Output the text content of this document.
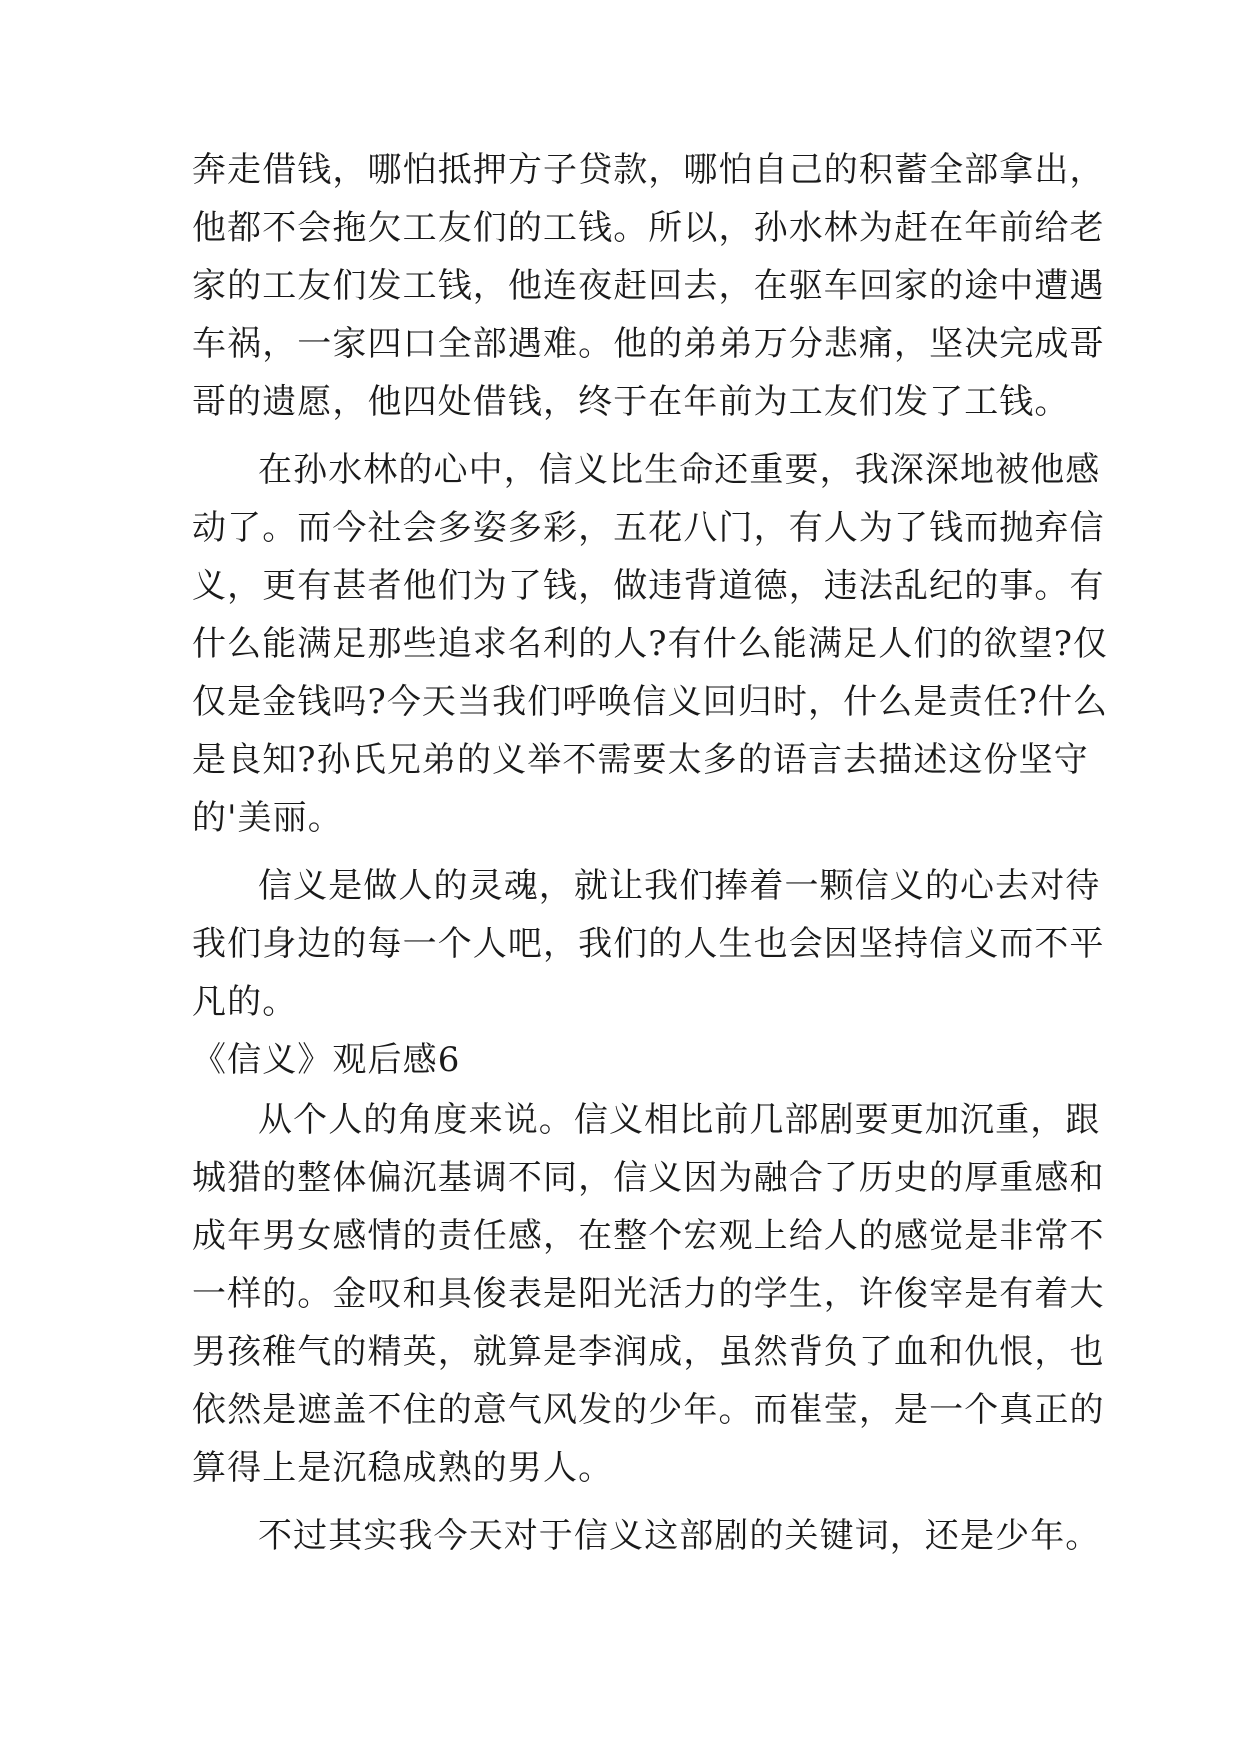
奔走借钱，哪怕抵押方子贷款，哪怕自己的积蓄全部拿出，
他都不会拖欠工友们的工钱。所以，孙水林为赶在年前给老
家的工友们发工钱，他连夜赶回去，在驱车回家的途中遭遇
车祸，一家四口全部遇难。他的弟弟万分悲痛，坚决完成哥
哥的遗愿，他四处借钱，终于在年前为工友们发了工钱。
在孙水林的心中，信义比生命还重要，我深深地被他感
动了。而今社会多姿多彩，五花八门，有人为了钱而抛弃信
义，更有甚者他们为了钱，做违背道德，违法乱纪的事。有
什么能满足那些追求名利的人?有什么能满足人们的欲望?仅
仅是金钱吗?今天当我们呼唤信义回归时，什么是责任?什么
是良知?孙氏兄弟的义举不需要太多的语言去描述这份坚守
的'美丽。
信义是做人的灵魂，就让我们捧着一颗信义的心去对待
我们身边的每一个人吧，我们的人生也会因坚持信义而不平
凡的。
《信义》观后感6
从个人的角度来说。信义相比前几部剧要更加沉重，跟
城猎的整体偏沉基调不同，信义因为融合了历史的厚重感和
成年男女感情的责任感，在整个宏观上给人的感觉是非常不
一样的。金叹和具俊表是阳光活力的学生，许俊宰是有着大
男孩稚气的精英，就算是李润成，虽然背负了血和仇恨，也
依然是遮盖不住的意气风发的少年。而崔莹，是一个真正的
算得上是沉稳成熟的男人。
不过其实我今天对于信义这部剧的关键词，还是少年。
